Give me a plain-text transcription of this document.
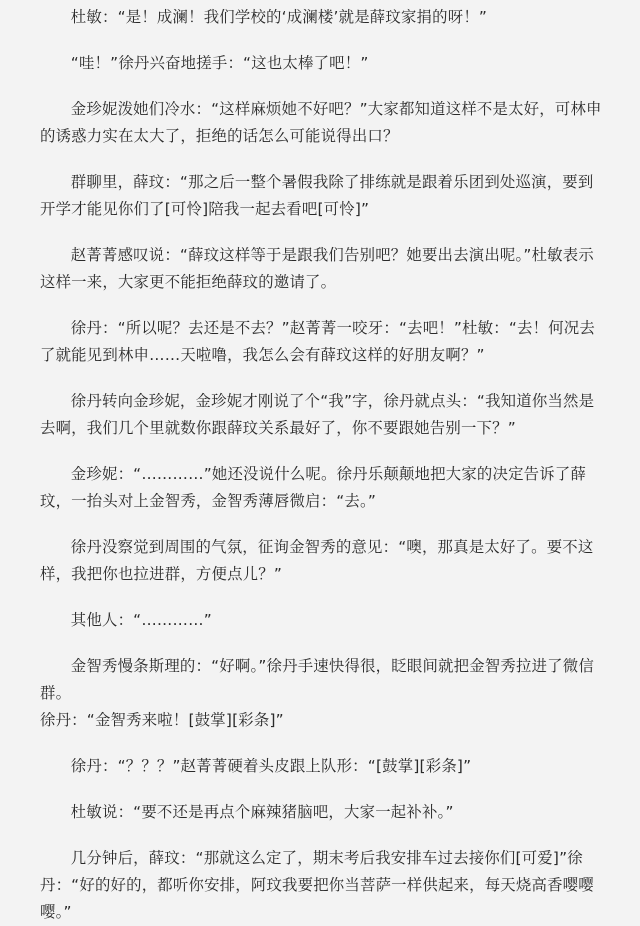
杜敏：“是！成澜！我们学校的‘成澜楼’就是薛玟家捐的呀！”

“哇！”徐丹兴奋地搓手：“这也太棒了吧！”

金珍妮泼她们冷水：“这样麻烦她不好吧？”大家都知道这样不是太好，可林申的诱惑力实在太大了，拒绝的话怎么可能说得出口？

群聊里，薛玟：“那之后一整个暑假我除了排练就是跟着乐团到处巡演，要到开学才能见你们了[可怜]陪我一起去看吧[可怜]”

赵菁菁感叹说：“薛玟这样等于是跟我们告别吧？她要出去演出呢。”杜敏表示这样一来，大家更不能拒绝薛玟的邀请了。

徐丹：“所以呢？去还是不去？”赵菁菁一咬牙：“去吧！”杜敏：“去！何况去了就能见到林申……天啦噜，我怎么会有薛玟这样的好朋友啊？”

徐丹转向金珍妮，金珍妮才刚说了个“我”字，徐丹就点头：“我知道你当然是去啊，我们几个里就数你跟薛玟关系最好了，你不要跟她告别一下？”

金珍妮：“…………”她还没说什么呢。徐丹乐颠颠地把大家的决定告诉了薛玟，一抬头对上金智秀，金智秀薄唇微启：“去。”

徐丹没察觉到周围的气氛，征询金智秀的意见：“噢，那真是太好了。要不这样，我把你也拉进群，方便点儿？”

其他人：“…………”

金智秀慢条斯理的：“好啊。”徐丹手速快得很，眨眼间就把金智秀拉进了微信群。
徐丹：“金智秀来啦！[鼓掌][彩条]”

徐丹：“？？？”赵菁菁硬着头皮跟上队形：“[鼓掌][彩条]”

杜敏说：“要不还是再点个麻辣猪脑吧，大家一起补补。”

几分钟后，薛玟：“那就这么定了，期末考后我安排车过去接你们[可爱]”徐丹：“好的好的，都听你安排，阿玟我要把你当菩萨一样供起来，每天烧高香嘤嘤嘤。”
